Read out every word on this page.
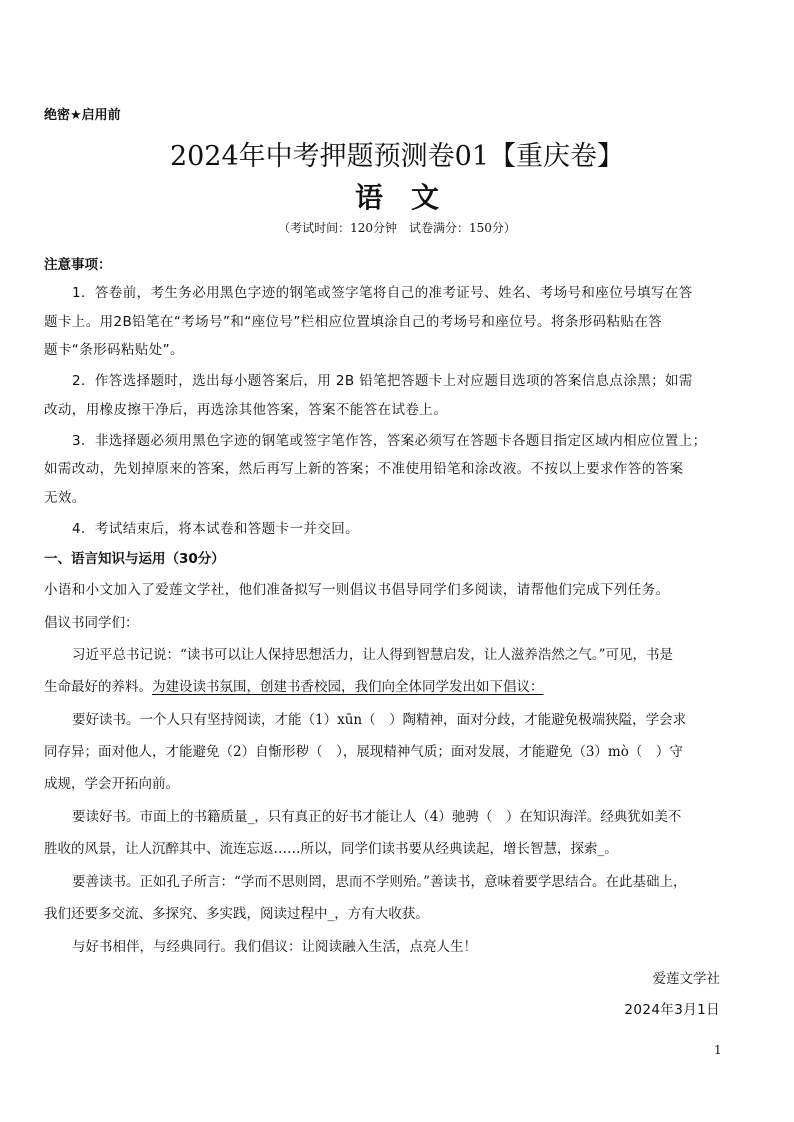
绝密★启用前
2024年中考押题预测卷01【重庆卷】
语文
（考试时间：120分钟　试卷满分：150分）
注意事项：
1．答卷前，考生务必用黑色字迹的钢笔或签字笔将自己的准考证号、姓名、考场号和座位号填写在答
题卡上。用2B铅笔在“考场号”和“座位号”栏相应位置填涂自己的考场号和座位号。将条形码粘贴在答
题卡“条形码粘贴处”。
2．作答选择题时，选出每小题答案后，用 2B 铅笔把答题卡上对应题目选项的答案信息点涂黑；如需
改动，用橡皮擦干净后，再选涂其他答案，答案不能答在试卷上。
3．非选择题必须用黑色字迹的钢笔或签字笔作答，答案必须写在答题卡各题目指定区域内相应位置上；
如需改动，先划掉原来的答案，然后再写上新的答案；不准使用铅笔和涂改液。不按以上要求作答的答案
无效。
4．考试结束后，将本试卷和答题卡一并交回。
一、语言知识与运用（30分）
小语和小文加入了爱莲文学社，他们准备拟写一则倡议书倡导同学们多阅读，请帮他们完成下列任务。
倡议书同学们：
习近平总书记说：“读书可以让人保持思想活力，让人得到智慧启发，让人滋养浩然之气。”可见，书是
生命最好的养料。为建设读书氛围，创建书香校园，我们向全体同学发出如下倡议：
要好读书。一个人只有坚持阅读，才能（1）xūn（　）陶精神，面对分歧，才能避免极端狭隘，学会求
同存异；面对他人，才能避免（2）自惭形秽（　），展现精神气质；面对发展，才能避免（3）mò（　）守
成规，学会开拓向前。
要读好书。市面上的书籍质量_，只有真正的好书才能让人（4）驰骋（　）在知识海洋。经典犹如美不
胜收的风景，让人沉醉其中、流连忘返……所以，同学们读书要从经典读起，增长智慧，探索_。
要善读书。正如孔子所言：“学而不思则罔，思而不学则殆。”善读书，意味着要学思结合。在此基础上，
我们还要多交流、多探究、多实践，阅读过程中_，方有大收获。
与好书相伴，与经典同行。我们倡议：让阅读融入生活，点亮人生！
爱莲文学社
2024年3月1日
1
